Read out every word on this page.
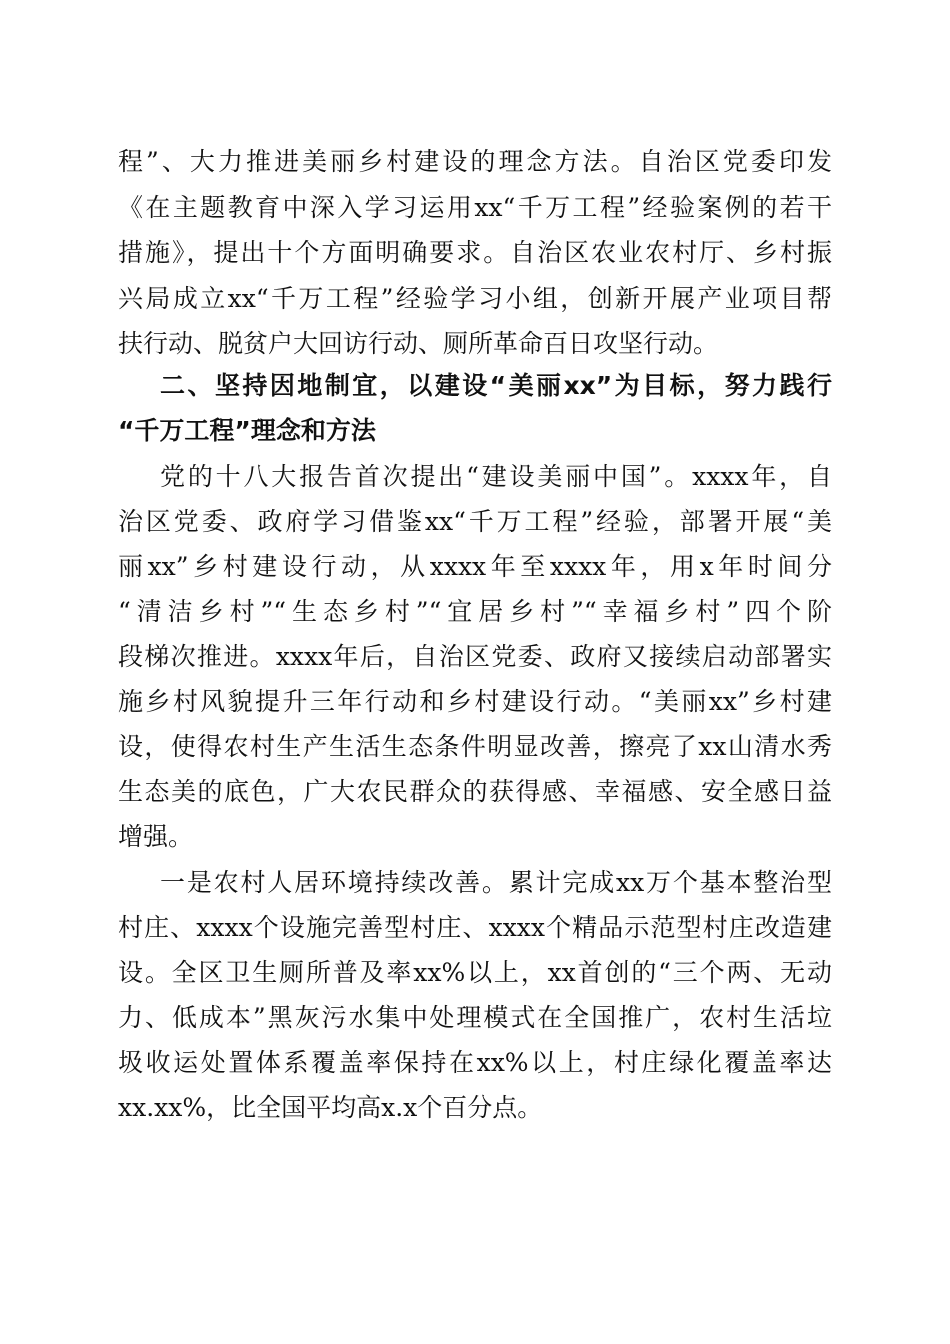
程”、大力推进美丽乡村建设的理念方法。自治区党委印发
《在主题教育中深入学习运用xx“千万工程”经验案例的若干
措施》，提出十个方面明确要求。自治区农业农村厅、乡村振
兴局成立xx“千万工程”经验学习小组，创新开展产业项目帮
扶行动、脱贫户大回访行动、厕所革命百日攻坚行动。
二、坚持因地制宜，以建设“美丽xx”为目标，努力践行
“千万工程”理念和方法
党的十八大报告首次提出“建设美丽中国”。xxxx年，自
治区党委、政府学习借鉴xx“千万工程”经验，部署开展“美
丽xx”乡村建设行动，从xxxx年至xxxx年，用x年时间分
“清洁乡村”“生态乡村”“宜居乡村”“幸福乡村”四个阶
段梯次推进。xxxx年后，自治区党委、政府又接续启动部署实
施乡村风貌提升三年行动和乡村建设行动。“美丽xx”乡村建
设，使得农村生产生活生态条件明显改善，擦亮了xx山清水秀
生态美的底色，广大农民群众的获得感、幸福感、安全感日益
增强。
一是农村人居环境持续改善。累计完成xx万个基本整治型
村庄、xxxx个设施完善型村庄、xxxx个精品示范型村庄改造建
设。全区卫生厕所普及率xx%以上，xx首创的“三个两、无动
力、低成本”黑灰污水集中处理模式在全国推广，农村生活垃
圾收运处置体系覆盖率保持在xx%以上，村庄绿化覆盖率达
xx.xx%，比全国平均高x.x个百分点。
